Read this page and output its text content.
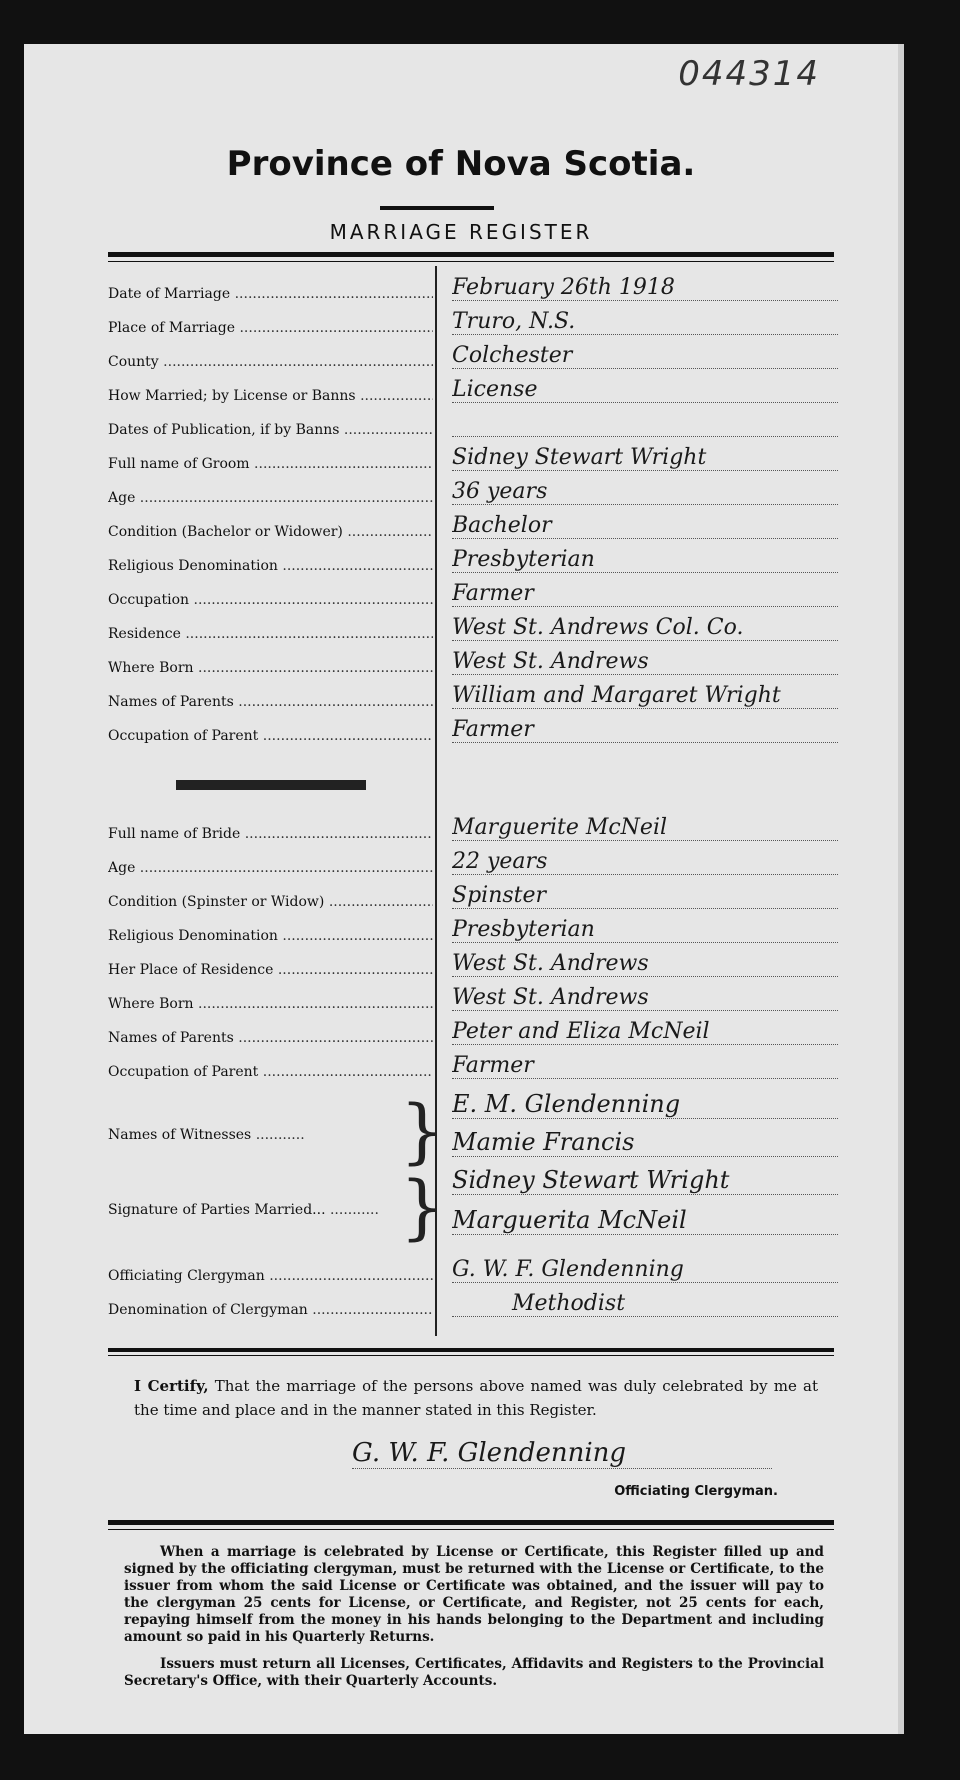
044314
Province of Nova Scotia.
MARRIAGE REGISTER
Date of Marriage .....	February 26th 1918
Place of Marriage .....	Truro, N.S.
County .....	Colchester
How Married; by License or Banns .....	License
Dates of Publication, if by Banns .....
Full name of Groom .....	Sidney Stewart Wright
Age .....	36 years
Condition (Bachelor or Widower) .....	Bachelor
Religious Denomination .....	Presbyterian
Occupation .....	Farmer
Residence .....	West St. Andrews Col. Co.
Where Born .....	West St. Andrews
Names of Parents .....	William and Margaret Wright
Occupation of Parent .....	Farmer
Full name of Bride .....	Marguerite McNeil
Age .....	22 years
Condition (Spinster or Widow) .....	Spinster
Religious Denomination .....	Presbyterian
Her Place of Residence .....	West St. Andrews
Where Born .....	West St. Andrews
Names of Parents .....	Peter and Eliza McNeil
Occupation of Parent .....	Farmer
Names of Witnesses .....	} E. M. Glendenning
Mamie Francis
Signature of Parties Married... .....	} Sidney Stewart Wright
Marguerita McNeil
Officiating Clergyman .....	G. W. F. Glendenning
Denomination of Clergyman .....	Methodist
I Certify, That the marriage of the persons above named was duly celebrated by me at the time and place and in the manner stated in this Register.
G. W. F. Glendenning
Officiating Clergyman.

When a marriage is celebrated by License or Certificate, this Register filled up and signed by the officiating clergyman, must be returned with the License or Certificate, to the issuer from whom the said License or Certificate was obtained, and the issuer will pay to the clergyman 25 cents for License, or Certificate, and Register, not 25 cents for each, repaying himself from the money in his hands belonging to the Department and including amount so paid in his Quarterly Returns.

Issuers must return all Licenses, Certificates, Affidavits and Registers to the Provincial Secretary's Office, with their Quarterly Accounts.
